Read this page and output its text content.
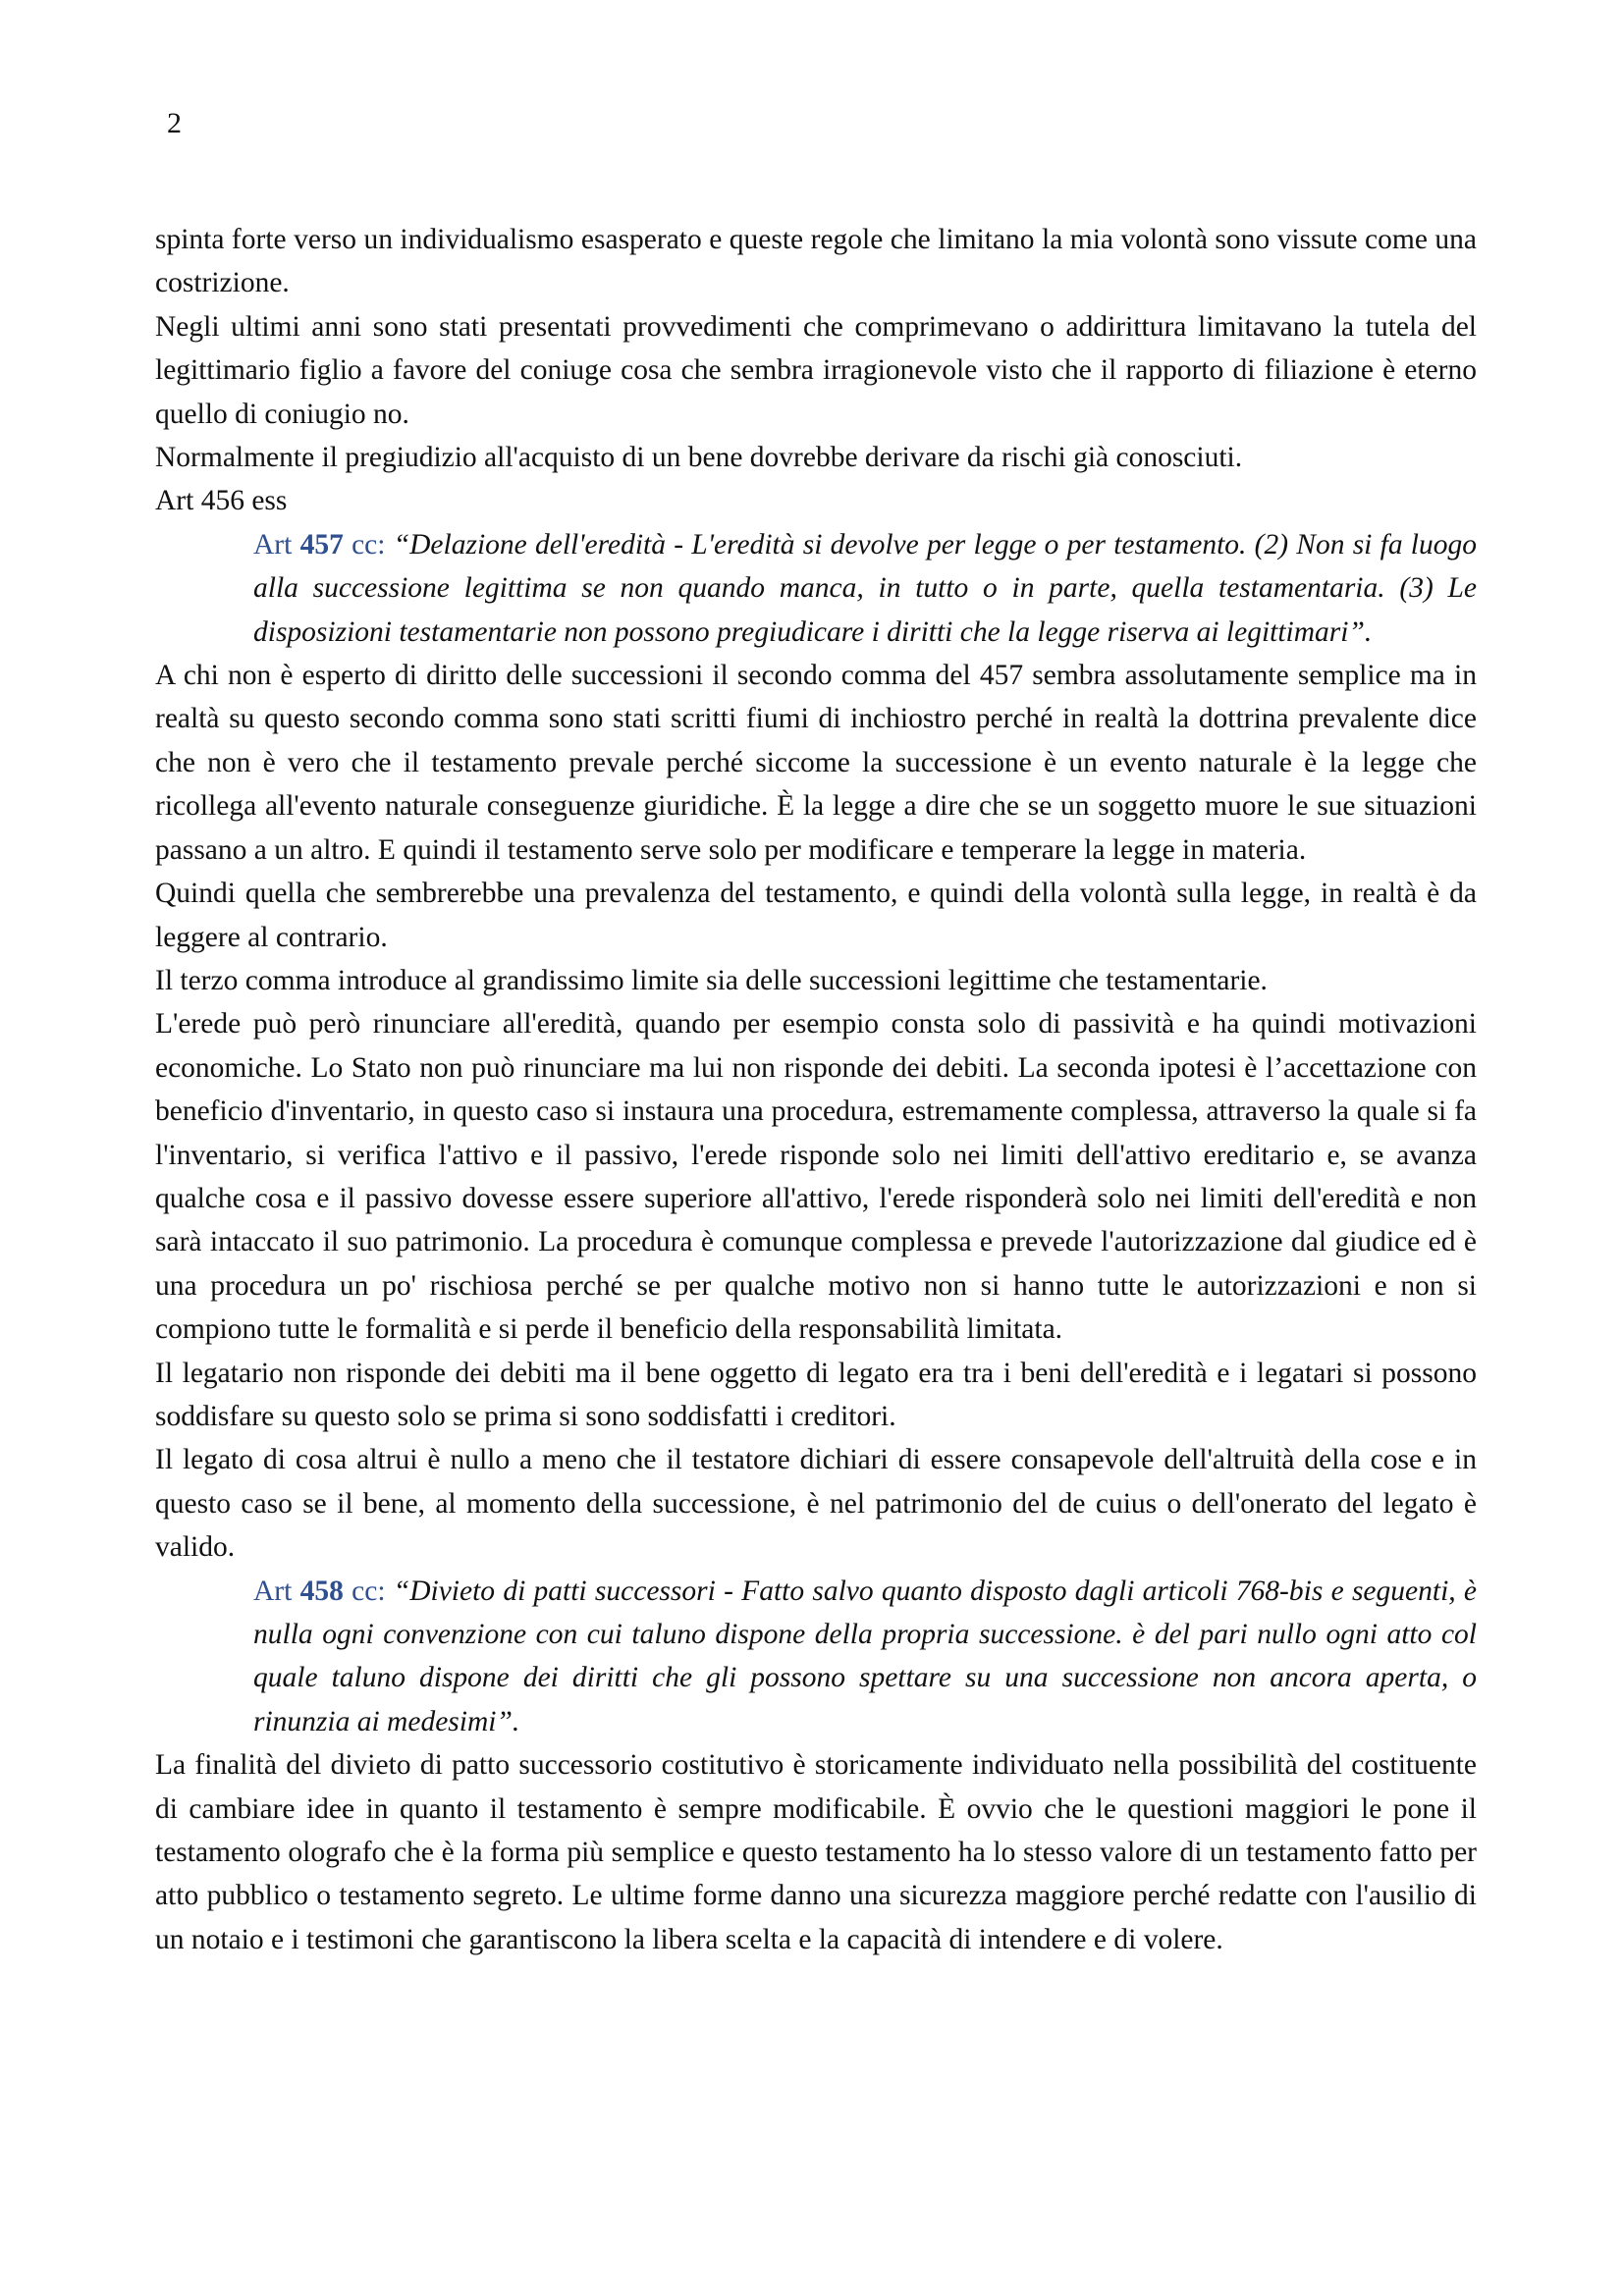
2

spinta forte verso un individualismo esasperato e queste regole che limitano la mia volontà sono vissute come una costrizione.

Negli ultimi anni sono stati presentati provvedimenti che comprimevano o addirittura limitavano la tutela del legittimario figlio a favore del coniuge cosa che sembra irragionevole visto che il rapporto di filiazione è eterno quello di coniugio no.

Normalmente il pregiudizio all'acquisto di un bene dovrebbe derivare da rischi già conosciuti.

Art 456 ess

Art 457 cc: “Delazione dell'eredità - L'eredità si devolve per legge o per testamento. (2) Non si fa luogo alla successione legittima se non quando manca, in tutto o in parte, quella testamentaria. (3) Le disposizioni testamentarie non possono pregiudicare i diritti che la legge riserva ai legittimari”.

A chi non è esperto di diritto delle successioni il secondo comma del 457 sembra assolutamente semplice ma in realtà su questo secondo comma sono stati scritti fiumi di inchiostro perché in realtà la dottrina prevalente dice che non è vero che il testamento prevale perché siccome la successione è un evento naturale è la legge che ricollega all'evento naturale conseguenze giuridiche. È la legge a dire che se un soggetto muore le sue situazioni passano a un altro. E quindi il testamento serve solo per modificare e temperare la legge in materia.

Quindi quella che sembrerebbe una prevalenza del testamento, e quindi della volontà sulla legge, in realtà è da leggere al contrario.

Il terzo comma introduce al grandissimo limite sia delle successioni legittime che testamentarie.

L'erede può però rinunciare all'eredità, quando per esempio consta solo di passività e ha quindi motivazioni economiche. Lo Stato non può rinunciare ma lui non risponde dei debiti. La seconda ipotesi è l’accettazione con beneficio d'inventario, in questo caso si instaura una procedura, estremamente complessa, attraverso la quale si fa l'inventario, si verifica l'attivo e il passivo, l'erede risponde solo nei limiti dell'attivo ereditario e, se avanza qualche cosa e il passivo dovesse essere superiore all'attivo, l'erede risponderà solo nei limiti dell'eredità e non sarà intaccato il suo patrimonio. La procedura è comunque complessa e prevede l'autorizzazione dal giudice ed è una procedura un po' rischiosa perché se per qualche motivo non si hanno tutte le autorizzazioni e non si compiono tutte le formalità e si perde il beneficio della responsabilità limitata.

Il legatario non risponde dei debiti ma il bene oggetto di legato era tra i beni dell'eredità e i legatari si possono soddisfare su questo solo se prima si sono soddisfatti i creditori.

Il legato di cosa altrui è nullo a meno che il testatore dichiari di essere consapevole dell'altruità della cose e in questo caso se il bene, al momento della successione, è nel patrimonio del de cuius o dell'onerato del legato è valido.

Art 458 cc: “Divieto di patti successori - Fatto salvo quanto disposto dagli articoli 768-bis e seguenti, è nulla ogni convenzione con cui taluno dispone della propria successione. è del pari nullo ogni atto col quale taluno dispone dei diritti che gli possono spettare su una successione non ancora aperta, o rinunzia ai medesimi”.

La finalità del divieto di patto successorio costitutivo è storicamente individuato nella possibilità del costituente di cambiare idee in quanto il testamento è sempre modificabile. È ovvio che le questioni maggiori le pone il testamento olografo che è la forma più semplice e questo testamento ha lo stesso valore di un testamento fatto per atto pubblico o testamento segreto. Le ultime forme danno una sicurezza maggiore perché redatte con l'ausilio di un notaio e i testimoni che garantiscono la libera scelta e la capacità di intendere e di volere.
